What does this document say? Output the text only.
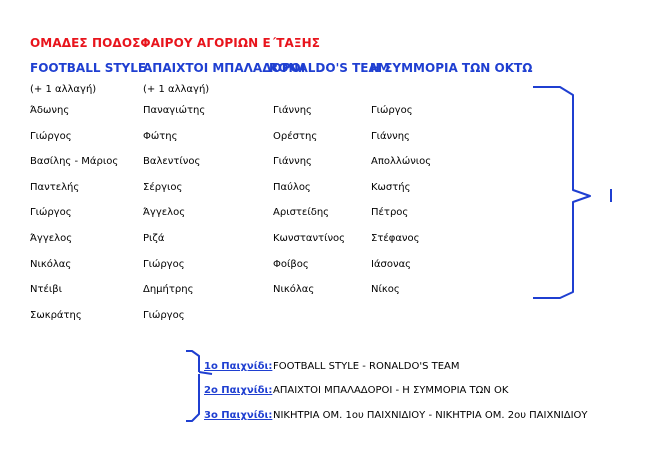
ΟΜΑΔΕΣ ΠΟΔΟΣΦΑΙΡΟΥ ΑΓΟΡΙΩΝ Ε΄ΤΑΞΗΣ
FOOTBALL STYLE
ΑΠΑΙΧΤΟΙ ΜΠΑΛΑΔΟΡΟΙ
RONALDO'S TEAM
Η ΣΥΜΜΟΡΙΑ ΤΩΝ ΟΚΤΩ
(+ 1 αλλαγή)	(+ 1 αλλαγή)
Άδωνης
Γιώργος
Βασίλης - Μάριος
Παντελής
Γιώργος
Άγγελος
Νικόλας
Ντέιβι
Σωκράτης
Παναγιώτης
Φώτης
Βαλεντίνος
Σέργιος
Άγγελος
Ριζά
Γιώργος
Δημήτρης
Γιώργος
Γιάννης
Ορέστης
Γιάννης
Παύλος
Αριστείδης
Κωνσταντίνος
Φοίβος
Νικόλας
Γιώργος
Γιάννης
Απολλώνιος
Κωστής
Πέτρος
Στέφανος
Ιάσονας
Νίκος
1ο Παιχνίδι: FOOTBALL STYLE - RONALDO'S TEAM
2ο Παιχνίδι: ΑΠΑΙΧΤΟΙ ΜΠΑΛΑΔΟΡΟΙ - Η ΣΥΜΜΟΡΙΑ ΤΩΝ ΟΚ
3ο Παιχνίδι: ΝΙΚΗΤΡΙΑ ΟΜ. 1ου ΠΑΙΧΝΙΔΙΟΥ - ΝΙΚΗΤΡΙΑ ΟΜ. 2ου ΠΑΙΧΝΙΔΙΟΥ
